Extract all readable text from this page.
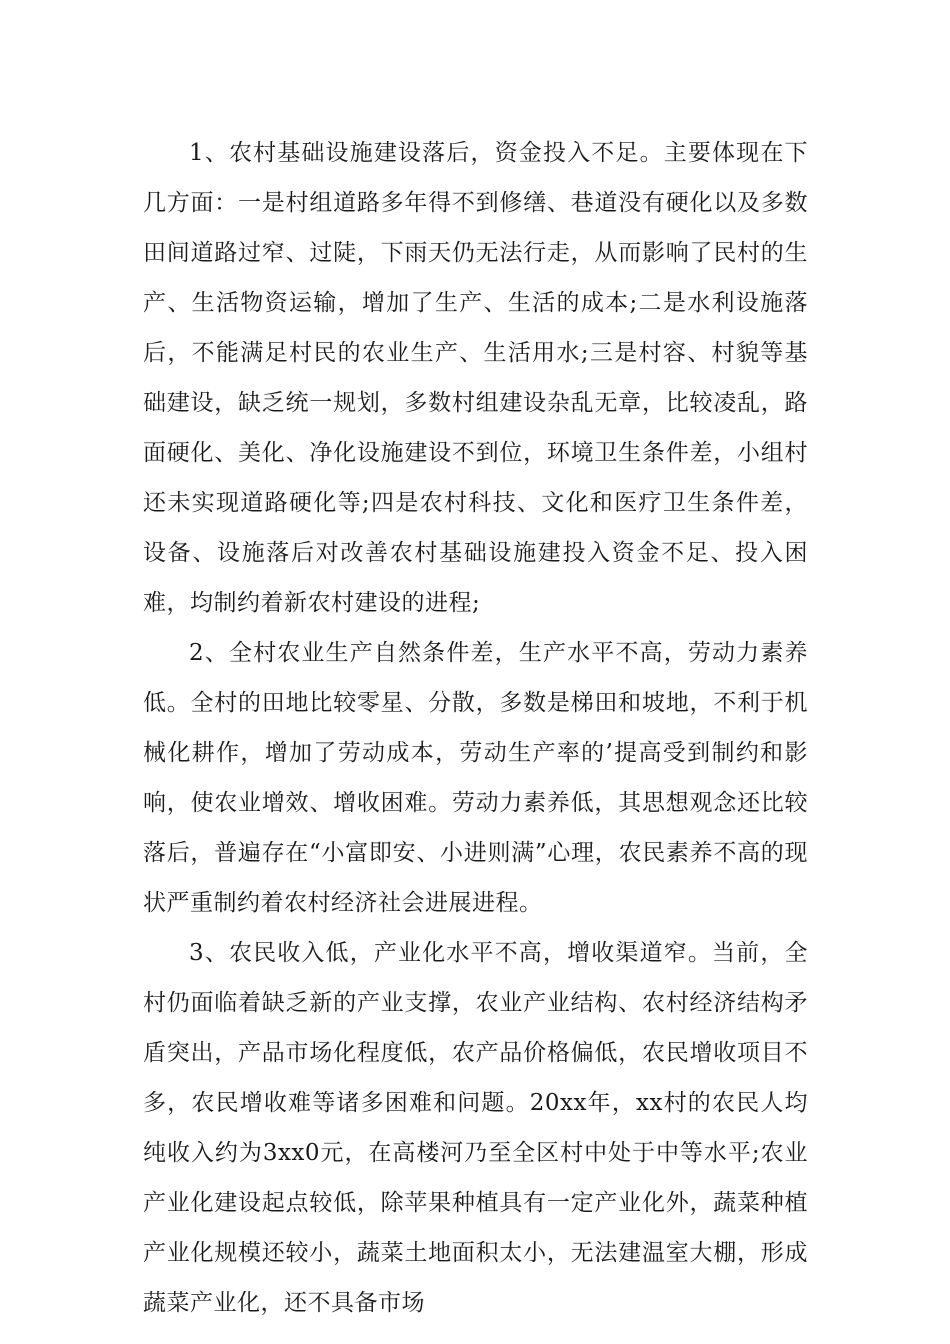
1、农村基础设施建设落后，资金投入不足。主要体现在下几方面：一是村组道路多年得不到修缮、巷道没有硬化以及多数田间道路过窄、过陡，下雨天仍无法行走，从而影响了民村的生产、生活物资运输，增加了生产、生活的成本;二是水利设施落后，不能满足村民的农业生产、生活用水;三是村容、村貌等基础建设，缺乏统一规划，多数村组建设杂乱无章，比较凌乱，路面硬化、美化、净化设施建设不到位，环境卫生条件差，小组村还未实现道路硬化等;四是农村科技、文化和医疗卫生条件差，设备、设施落后对改善农村基础设施建投入资金不足、投入困难，均制约着新农村建设的进程;

2、全村农业生产自然条件差，生产水平不高，劳动力素养低。全村的田地比较零星、分散，多数是梯田和坡地，不利于机械化耕作，增加了劳动成本，劳动生产率的’提高受到制约和影响，使农业增效、增收困难。劳动力素养低，其思想观念还比较落后，普遍存在“小富即安、小进则满”心理，农民素养不高的现状严重制约着农村经济社会进展进程。

3、农民收入低，产业化水平不高，增收渠道窄。当前，全村仍面临着缺乏新的产业支撑，农业产业结构、农村经济结构矛盾突出，产品市场化程度低，农产品价格偏低，农民增收项目不多，农民增收难等诸多困难和问题。20xx年，xx村的农民人均纯收入约为3xx0元，在高楼河乃至全区村中处于中等水平;农业产业化建设起点较低，除苹果种植具有一定产业化外，蔬菜种植产业化规模还较小，蔬菜土地面积太小，无法建温室大棚，形成蔬菜产业化，还不具备市场
